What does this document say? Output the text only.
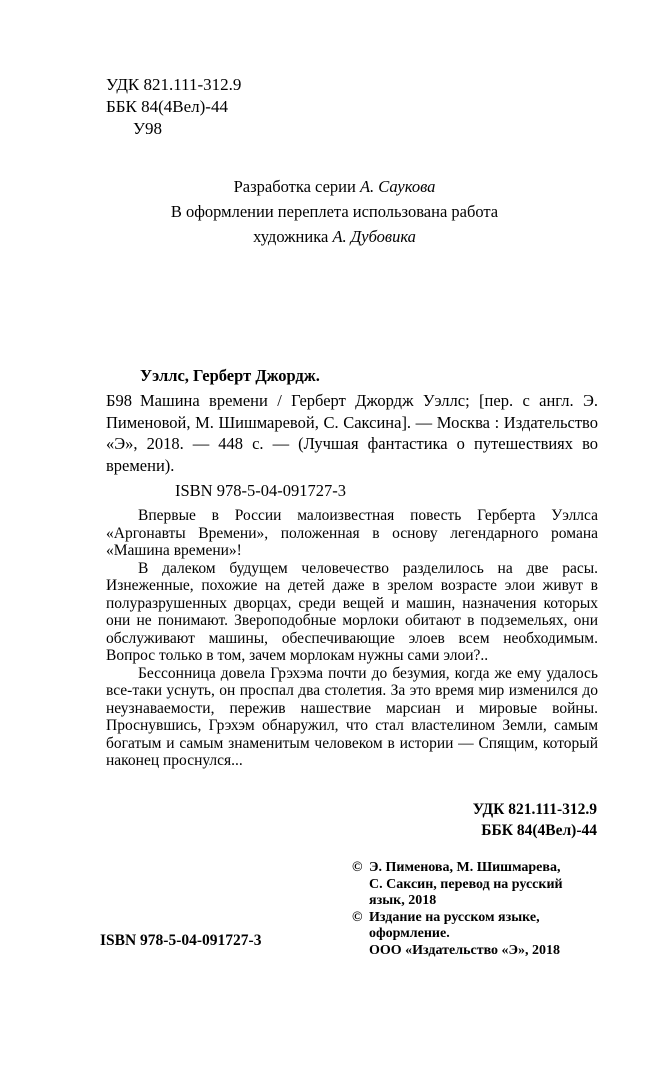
УДК 821.111-312.9
ББК 84(4Вел)-44
У98
Разработка серии А. Саукова
В оформлении переплета использована работа
художника А. Дубовика
Уэллс, Герберт Джордж.
Б98 Машина времени / Герберт Джордж Уэллс; [пер. с англ. Э. Пименовой, М. Шишмаревой, С. Саксина]. — Москва : Издательство «Э», 2018. — 448 с. — (Лучшая фантастика о путешествиях во времени).
ISBN 978-5-04-091727-3

Впервые в России малоизвестная повесть Герберта Уэллса «Аргонавты Времени», положенная в основу легендарного романа «Машина времени»!

В далеком будущем человечество разделилось на две расы. Изнеженные, похожие на детей даже в зрелом возрасте элои живут в полуразрушенных дворцах, среди вещей и машин, назначения которых они не понимают. Звероподобные морлоки обитают в подземельях, они обслуживают машины, обеспечивающие элоев всем необходимым. Вопрос только в том, зачем морлокам нужны сами элои?..

Бессонница довела Грэхэма почти до безумия, когда же ему удалось все-таки уснуть, он проспал два столетия. За это время мир изменился до неузнаваемости, пережив нашествие марсиан и мировые войны. Проснувшись, Грэхэм обнаружил, что стал властелином Земли, самым богатым и самым знаменитым человеком в истории — Спящим, который наконец проснулся...

УДК 821.111-312.9
ББК 84(4Вел)-44
© Э. Пименова, М. Шишмарева,
С. Саксин, перевод на русский
язык, 2018
© Издание на русском языке,
оформление.
ООО «Издательство «Э», 2018
ISBN 978-5-04-091727-3
